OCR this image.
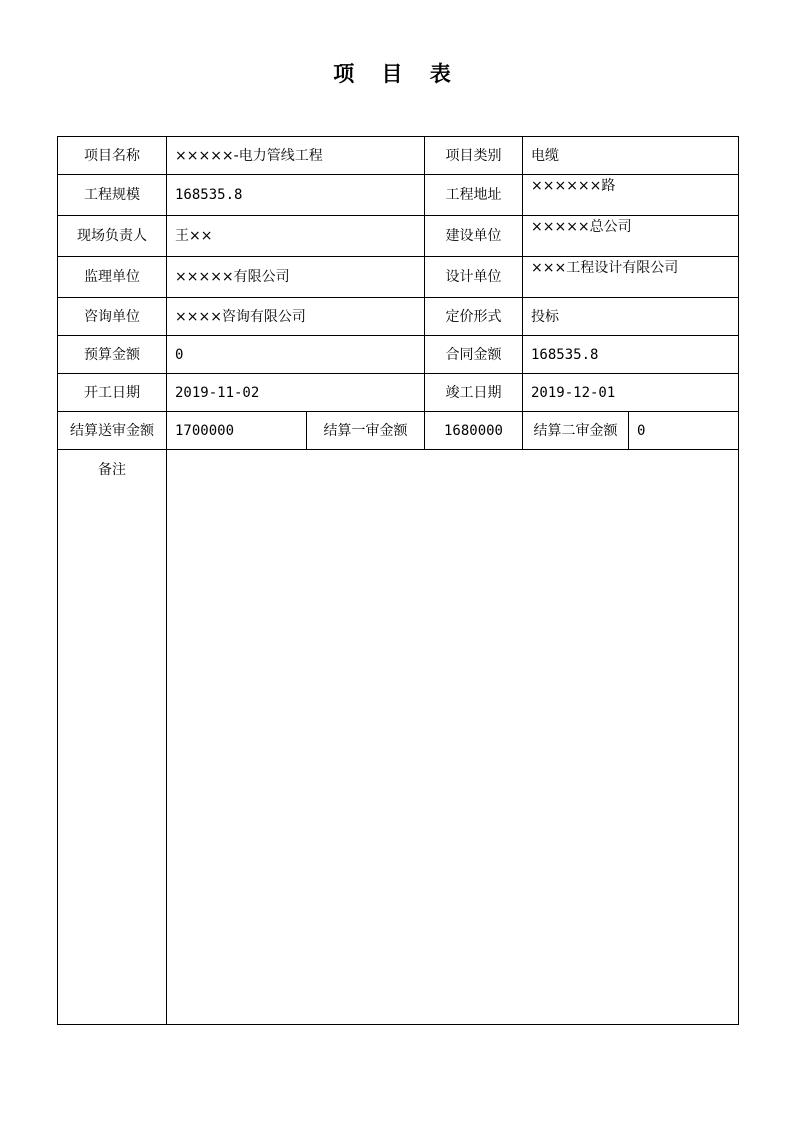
项 目 表
项目名称	×××××-电力管线工程		项目类别	电缆	
工程规模	168535.8		工程地址	××××××路	
现场负责人	王××		建设单位	×××××总公司	
监理单位	×××××有限公司		设计单位	×××工程设计有限公司	
咨询单位	××××咨询有限公司		定价形式	投标	
预算金额	0		合同金额	168535.8	
开工日期	2019-11-02		竣工日期	2019-12-01	
结算送审金额	1700000	结算一审金额	1680000	结算二审金额	0
备注					
